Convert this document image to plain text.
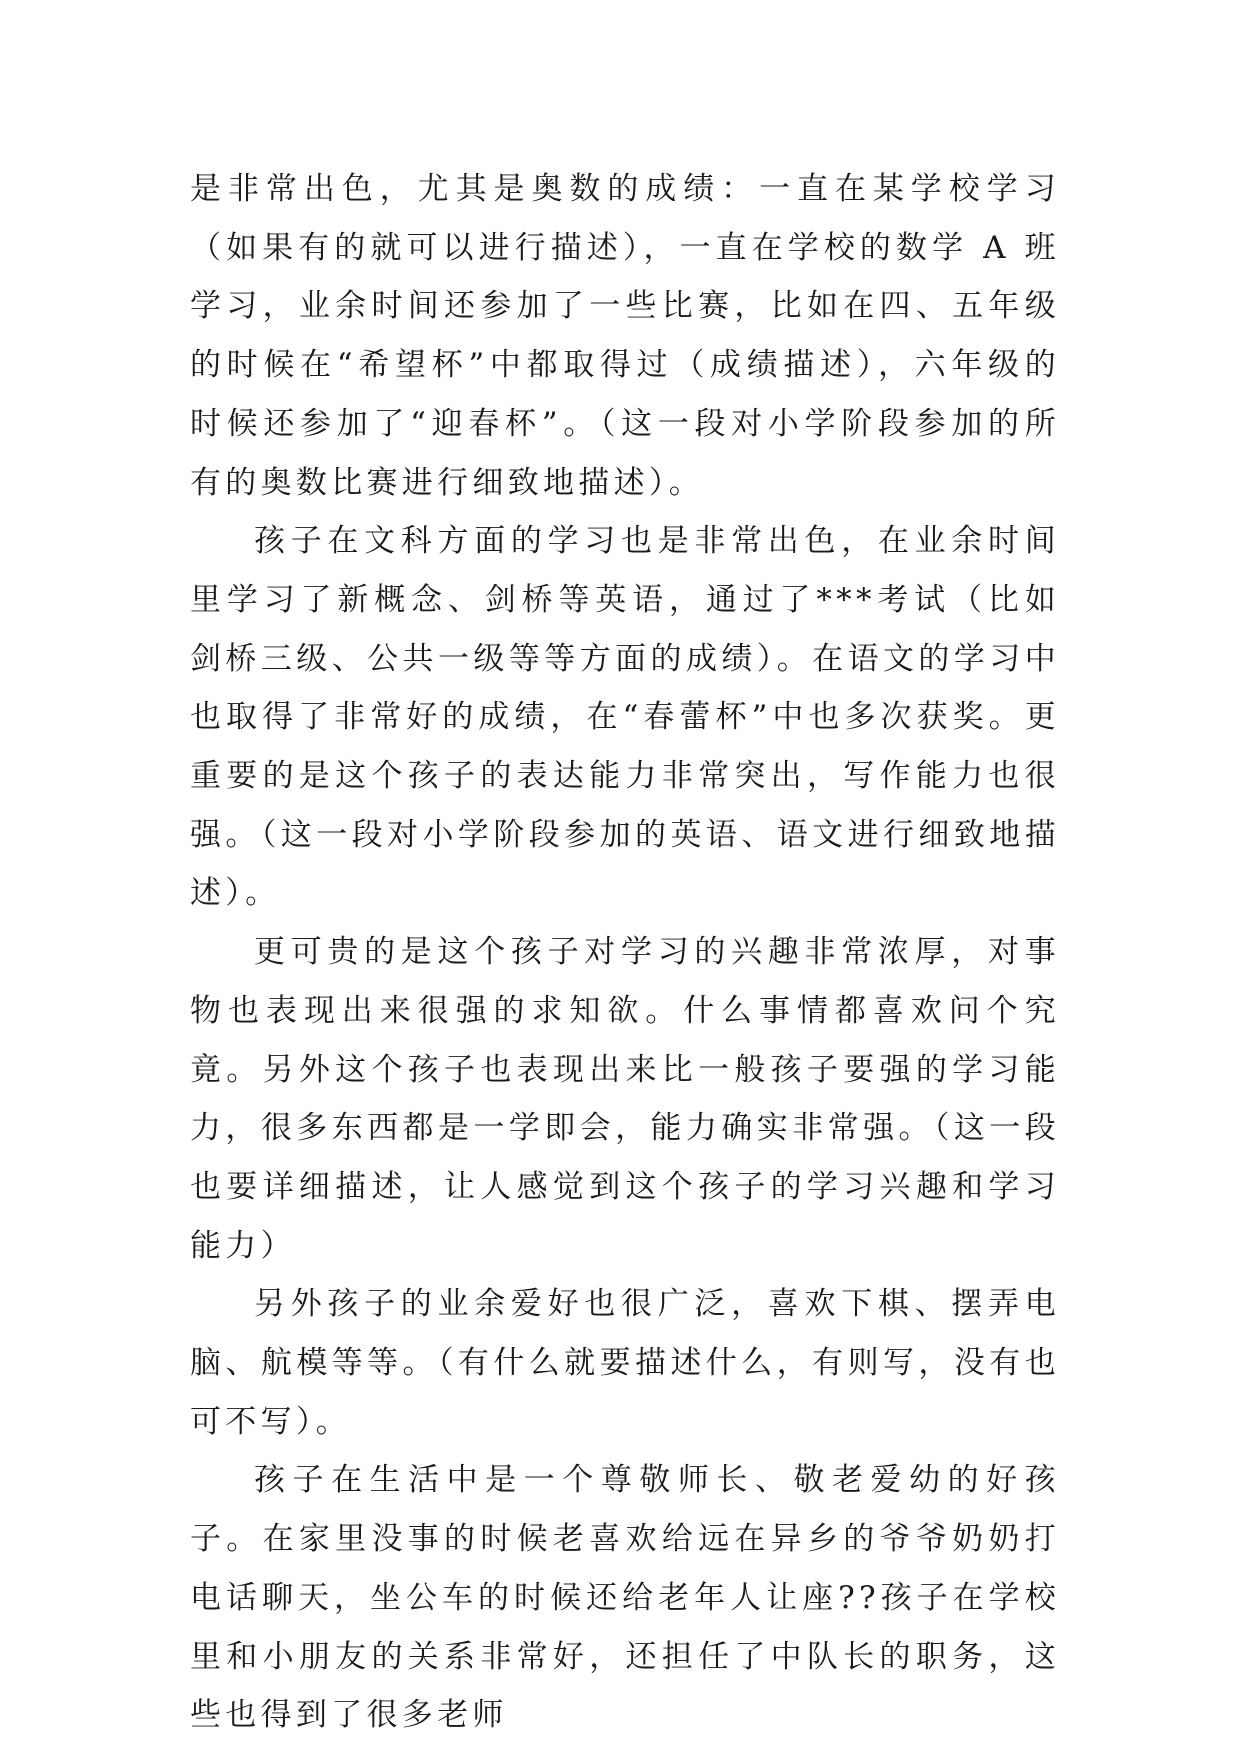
是非常出色，尤其是奥数的成绩：一直在某学校学习（如果有的就可以进行描述），一直在学校的数学 A 班学习，业余时间还参加了一些比赛，比如在四、五年级的时候在“希望杯”中都取得过（成绩描述），六年级的时候还参加了“迎春杯”。（这一段对小学阶段参加的所有的奥数比赛进行细致地描述）。

孩子在文科方面的学习也是非常出色，在业余时间里学习了新概念、剑桥等英语，通过了***考试（比如剑桥三级、公共一级等等方面的成绩）。在语文的学习中也取得了非常好的成绩，在“春蕾杯”中也多次获奖。更重要的是这个孩子的表达能力非常突出，写作能力也很强。（这一段对小学阶段参加的英语、语文进行细致地描述）。

更可贵的是这个孩子对学习的兴趣非常浓厚，对事物也表现出来很强的求知欲。什么事情都喜欢问个究竟。另外这个孩子也表现出来比一般孩子要强的学习能力，很多东西都是一学即会，能力确实非常强。（这一段也要详细描述，让人感觉到这个孩子的学习兴趣和学习能力）

另外孩子的业余爱好也很广泛，喜欢下棋、摆弄电脑、航模等等。（有什么就要描述什么，有则写，没有也可不写）。

孩子在生活中是一个尊敬师长、敬老爱幼的好孩子。在家里没事的时候老喜欢给远在异乡的爷爷奶奶打电话聊天，坐公车的时候还给老年人让座??孩子在学校里和小朋友的关系非常好，还担任了中队长的职务，这些也得到了很多老师
